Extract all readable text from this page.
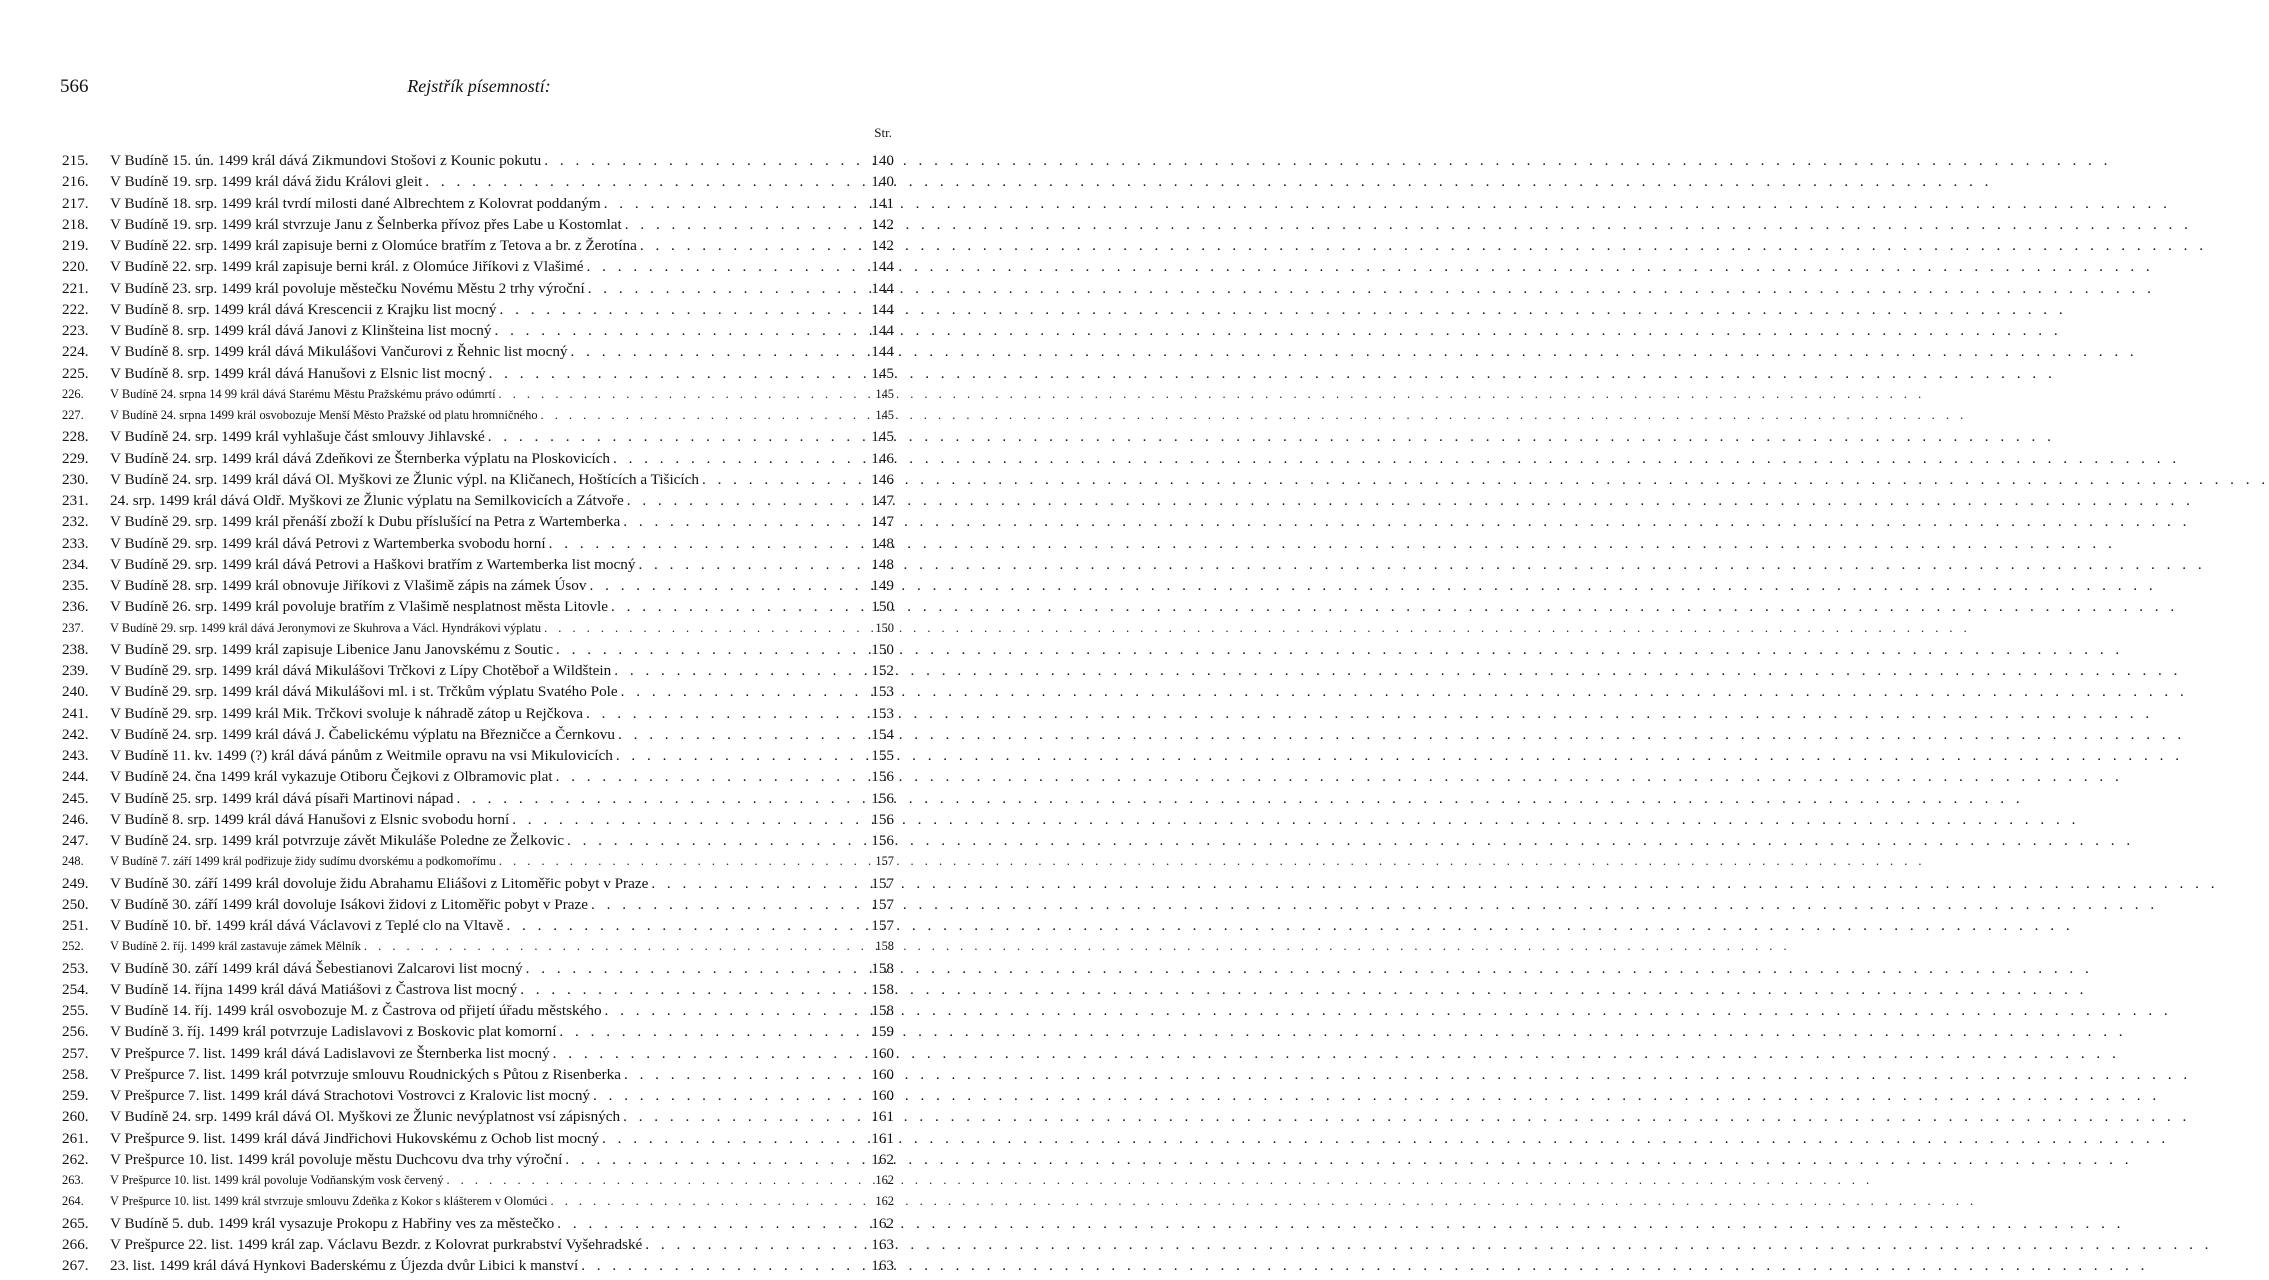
566	Rejstřík písemností:
Str.
215.	V Budíně 15. ún. 1499 král dává Zikmundovi Stošovi z Kounic pokutu . . .	140
216.	V Budíně 19. srp. 1499 král dává židu Královi gleit . . .	140
217.	V Budíně 18. srp. 1499 král tvrdí milosti dané Albrechtem z Kolovrat poddaným . . .	141
218.	V Budíně 19. srp. 1499 král stvrzuje Janu z Šelnberka přívoz přes Labe u Kostomlat . . .	142
219.	V Budíně 22. srp. 1499 král zapisuje berni z Olomúce bratřím z Tetova a br. z Žerotína . . .	142
220.	V Budíně 22. srp. 1499 král zapisuje berni král. z Olomúce Jiříkovi z Vlašimé . . .	144
221.	V Budíně 23. srp. 1499 král povoluje městečku Novému Městu 2 trhy výroční . . .	144
222.	V Budíně 8. srp. 1499 král dává Krescencii z Krajku list mocný . . .	144
223.	V Budíně 8. srp. 1499 král dává Janovi z Klinšteina list mocný . . .	144
224.	V Budíně 8. srp. 1499 král dává Mikulášovi Vančurovi z Řehnic list mocný . . .	144
225.	V Budíně 8. srp. 1499 král dává Hanušovi z Elsnic list mocný . . .	145
226.	V Budíně 24. srpna 14 99 král dává Starému Městu Pražskému právo odúmrtí . . .	145
227.	V Budíně 24. srpna 1499 král osvobozuje Menší Město Pražské od platu hromničného . . .	145
228.	V Budíně 24. srp. 1499 král vyhlašuje část smlouvy Jihlavské . . .	145
229.	V Budíně 24. srp. 1499 král dává Zdeňkovi ze Šternberka výplatu na Ploskovicích . . .	146
230.	V Budíně 24. srp. 1499 král dává Ol. Myškovi ze Žlunic výpl. na Kličanech, Hoštících a Tišicích . . .	146
231.	24. srp. 1499 král dává Oldř. Myškovi ze Žlunic výplatu na Semilkovicích a Zátvoře . . .	147
232.	V Budíně 29. srp. 1499 král přenáší zboží k Dubu příslušící na Petra z Wartemberka . . .	147
233.	V Budíně 29. srp. 1499 král dává Petrovi z Wartemberka svobodu horní . . .	148
234.	V Budíně 29. srp. 1499 král dává Petrovi a Haškovi bratřím z Wartemberka list mocný . . .	148
235.	V Budíně 28. srp. 1499 král obnovuje Jiříkovi z Vlašimě zápis na zámek Úsov . . .	149
236.	V Budíně 26. srp. 1499 král povoluje bratřím z Vlašimě nesplatnost města Litovle . . .	150
237.	V Budíně 29. srp. 1499 král dává Jeronymovi ze Skuhrova a Václ. Hyndrákovi výplatu . . .	150
238.	V Budíně 29. srp. 1499 král zapisuje Libenice Janu Janovskému z Soutic . . .	150
239.	V Budíně 29. srp. 1499 král dává Mikulášovi Trčkovi z Lípy Chotěboř a Wildštein . . .	152
240.	V Budíně 29. srp. 1499 král dává Mikulášovi ml. i st. Trčkům výplatu Svatého Pole . . .	153
241.	V Budíně 29. srp. 1499 král Mik. Trčkovi svoluje k náhradě zátop u Rejčkova . . .	153
242.	V Budíně 24. srp. 1499 král dává J. Čabelickému výplatu na Březničce a Černkovu . . .	154
243.	V Budíně 11. kv. 1499 (?) král dává pánům z Weitmile opravu na vsi Mikulovicích . . .	155
244.	V Budíně 24. čna 1499 král vykazuje Otiboru Čejkovi z Olbramovic plat . . .	156
245.	V Budíně 25. srp. 1499 král dává písaři Martinovi nápad . . .	156
246.	V Budíně 8. srp. 1499 král dává Hanušovi z Elsnic svobodu horní . . .	156
247.	V Budíně 24. srp. 1499 král potvrzuje závět Mikuláše Poledne ze Želkovic . . .	156
248.	V Budíně 7. září 1499 král podřizuje židy sudímu dvorskému a podkomořímu . . .	157
249.	V Budíně 30. září 1499 král dovoluje židu Abrahamu Eliášovi z Litoměřic pobyt v Praze . . .	157
250.	V Budíně 30. září 1499 král dovoluje Isákovi židovi z Litoměřic pobyt v Praze . . .	157
251.	V Budíně 10. bř. 1499 král dává Václavovi z Teplé clo na Vltavě . . .	157
252.	V Budíně 2. říj. 1499 král zastavuje zámek Mělník . . .	158
253.	V Budíně 30. září 1499 král dává Šebestianovi Zalcarovi list mocný . . .	158
254.	V Budíně 14. října 1499 král dává Matiášovi z Častrova list mocný . . .	158
255.	V Budíně 14. říj. 1499 král osvobozuje M. z Častrova od přijetí úřadu městského . . .	158
256.	V Budíně 3. říj. 1499 král potvrzuje Ladislavovi z Boskovic plat komorní . . .	159
257.	V Prešpurce 7. list. 1499 král dává Ladislavovi ze Šternberka list mocný . . .	160
258.	V Prešpurce 7. list. 1499 král potvrzuje smlouvu Roudnických s Půtou z Risenberka . . .	160
259.	V Prešpurce 7. list. 1499 král dává Strachotovi Vostrovci z Kralovic list mocný . . .	160
260.	V Budíně 24. srp. 1499 král dává Ol. Myškovi ze Žlunic nevýplatnost vsí zápisných . . .	161
261.	V Prešpurce 9. list. 1499 král dává Jindřichovi Hukovskému z Ochob list mocný . . .	161
262.	V Prešpurce 10. list. 1499 král povoluje městu Duchcovu dva trhy výroční . . .	162
263.	V Prešpurce 10. list. 1499 král povoluje Vodňanským vosk červený . . .	162
264.	V Prešpurce 10. list. 1499 král stvrzuje smlouvu Zdeňka z Kokor s klášterem v Olomúci . . .	162
265.	V Budíně 5. dub. 1499 král vysazuje Prokopu z Habřiny ves za městečko . . .	162
266.	V Prešpurce 22. list. 1499 král zap. Václavu Bezdr. z Kolovrat purkrabství Vyšehradské . . .	163
267.	23. list. 1499 král dává Hynkovi Baderskému z Újezda dvůr Libici k manství . . .	163
